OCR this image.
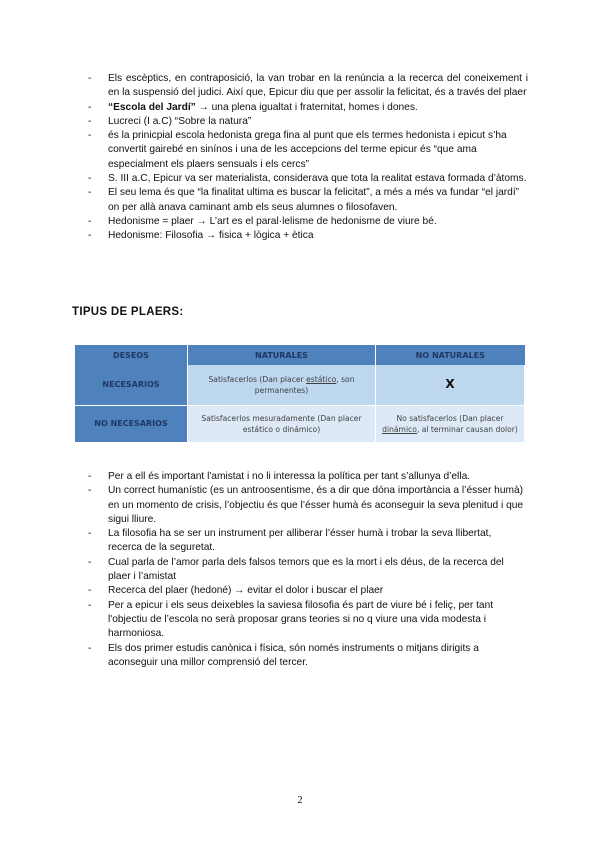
- Els escèptics, en contraposició, la van trobar en la renúncia a la recerca del coneixement i en la suspensió del judici. Així que, Epicur diu que per assolir la felicitat, és a través del plaer
- “Escola del Jardí” → una plena igualtat i fraternitat, homes i dones.
- Lucreci (I a.C) “Sobre la natura”
- és la prinicpial escola hedonista grega fina al punt que els termes hedonista i epicut s’ha convertit gairebé en sinínos i una de les accepcions del terme epicur és “que ama especialment els plaers sensuals i els cercs”
- S. III a.C, Epicur va ser materialista, considerava que tota la realitat estava formada d’àtoms.
- El seu lema és que “la finalitat ultima es buscar la felicitat”, a més a més va fundar “el jardí” on per allà anava caminant amb els seus alumnes o filosofaven.
- Hedonisme = plaer → L’art es el paral·lelisme de hedonisme de viure bé.
- Hedonisme: Filosofia → fisica + lògica + ètica
TIPUS DE PLAERS:
DESEOS	NATURALES	NO NATURALES
NECESARIOS	Satisfacerlos (Dan placer estático, son permanentes)	X
NO NECESARIOS	Satisfacerlos mesuradamente (Dan placer estático o dinámico)	No satisfacerlos (Dan placer dinámico, al terminar causan dolor)
- Per a ell és important l'amistat i no li interessa la política per tant s’allunya d’ella.
- Un correct humanístic (es un antroosentisme, és a dir que dóna importància a l’ésser humà) en un momento de crisis, l’objectiu és que l’ésser humà és aconseguir la seva plenitud i que sigui lliure.
- La filosofia ha se ser un instrument per alliberar l’ésser humà i trobar la seva llibertat, recerca de la seguretat.
- Cual parla de l’amor parla dels falsos temors que es la mort i els déus, de la recerca del plaer i l’amistat
- Recerca del plaer (hedoné) → evitar el dolor i buscar el plaer
- Per a epicur i els seus deixebles la saviesa filosofia és part de viure bé i feliç, per tant l'objectiu de l’escola no serà proposar grans teories si no q viure una vida modesta i harmoniosa.
- Els dos primer estudis canònica i física, són només instruments o mitjans dirigits a aconseguir una millor comprensió del tercer.
2
